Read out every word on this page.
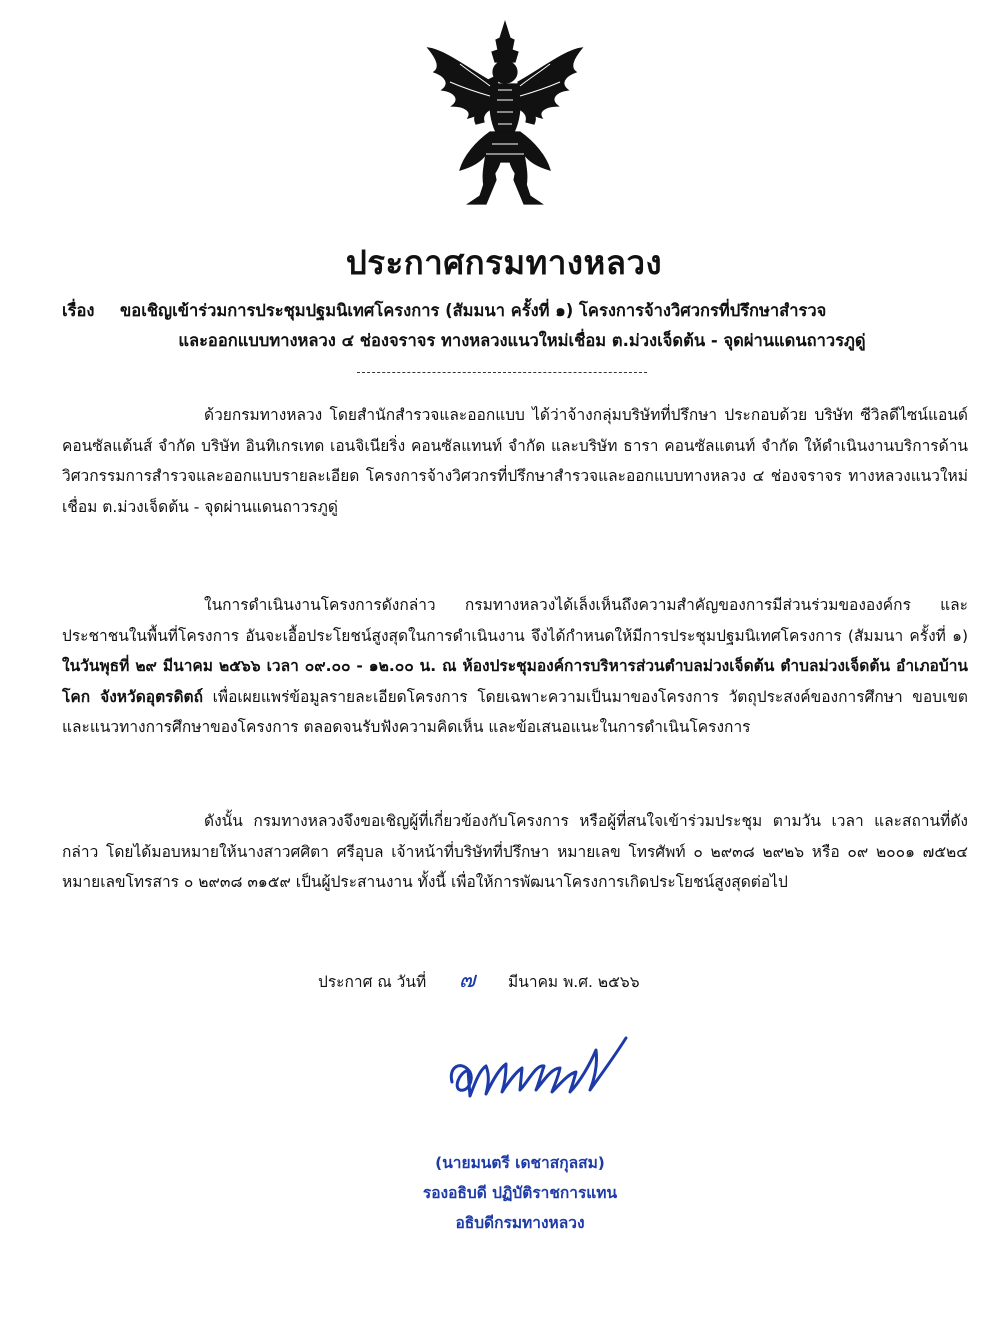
ประกาศกรมทางหลวง
เรื่อง ขอเชิญเข้าร่วมการประชุมปฐมนิเทศโครงการ (สัมมนา ครั้งที่ ๑) โครงการจ้างวิศวกรที่ปรึกษาสำรวจ
และออกแบบทางหลวง ๔ ช่องจราจร ทางหลวงแนวใหม่เชื่อม ต.ม่วงเจ็ดต้น - จุดผ่านแดนถาวรภูดู่
ด้วยกรมทางหลวง โดยสำนักสำรวจและออกแบบ ได้ว่าจ้างกลุ่มบริษัทที่ปรึกษา ประกอบด้วย บริษัท ซีวิลดีไซน์แอนด์คอนซัลแต้นส์ จำกัด บริษัท อินทิเกรเทด เอนจิเนียริ่ง คอนซัลแทนท์ จำกัด และบริษัท ธารา คอนซัลแตนท์ จำกัด ให้ดำเนินงานบริการด้านวิศวกรรมการสำรวจและออกแบบรายละเอียด โครงการจ้างวิศวกรที่ปรึกษาสำรวจและออกแบบทางหลวง ๔ ช่องจราจร ทางหลวงแนวใหม่เชื่อม ต.ม่วงเจ็ดต้น - จุดผ่านแดนถาวรภูดู่
ในการดำเนินงานโครงการดังกล่าว กรมทางหลวงได้เล็งเห็นถึงความสำคัญของการมีส่วนร่วมขององค์กร และประชาชนในพื้นที่โครงการ อันจะเอื้อประโยชน์สูงสุดในการดำเนินงาน จึงได้กำหนดให้มีการประชุมปฐมนิเทศโครงการ (สัมมนา ครั้งที่ ๑) ในวันพุธที่ ๒๙ มีนาคม ๒๕๖๖ เวลา ๐๙.๐๐ - ๑๒.๐๐ น. ณ ห้องประชุมองค์การบริหารส่วนตำบลม่วงเจ็ดต้น ตำบลม่วงเจ็ดต้น อำเภอบ้านโคก จังหวัดอุตรดิตถ์ เพื่อเผยแพร่ข้อมูลรายละเอียดโครงการ โดยเฉพาะความเป็นมาของโครงการ วัตถุประสงค์ของการศึกษา ขอบเขต และแนวทางการศึกษาของโครงการ ตลอดจนรับฟังความคิดเห็น และข้อเสนอแนะในการดำเนินโครงการ
ดังนั้น กรมทางหลวงจึงขอเชิญผู้ที่เกี่ยวข้องกับโครงการ หรือผู้ที่สนใจเข้าร่วมประชุม ตามวัน เวลา และสถานที่ดังกล่าว โดยได้มอบหมายให้นางสาวศศิตา ศรีอุบล เจ้าหน้าที่บริษัทที่ปรึกษา หมายเลข โทรศัพท์ ๐ ๒๙๓๘ ๒๙๒๖ หรือ ๐๙ ๒๐๐๑ ๗๕๒๔ หมายเลขโทรสาร ๐ ๒๙๓๘ ๓๑๕๙ เป็นผู้ประสานงาน ทั้งนี้ เพื่อให้การพัฒนาโครงการเกิดประโยชน์สูงสุดต่อไป
ประกาศ ณ วันที่ ๗ มีนาคม พ.ศ. ๒๕๖๖
(นายมนตรี เดชาสกุลสม)
รองอธิบดี ปฏิบัติราชการแทน
อธิบดีกรมทางหลวง
